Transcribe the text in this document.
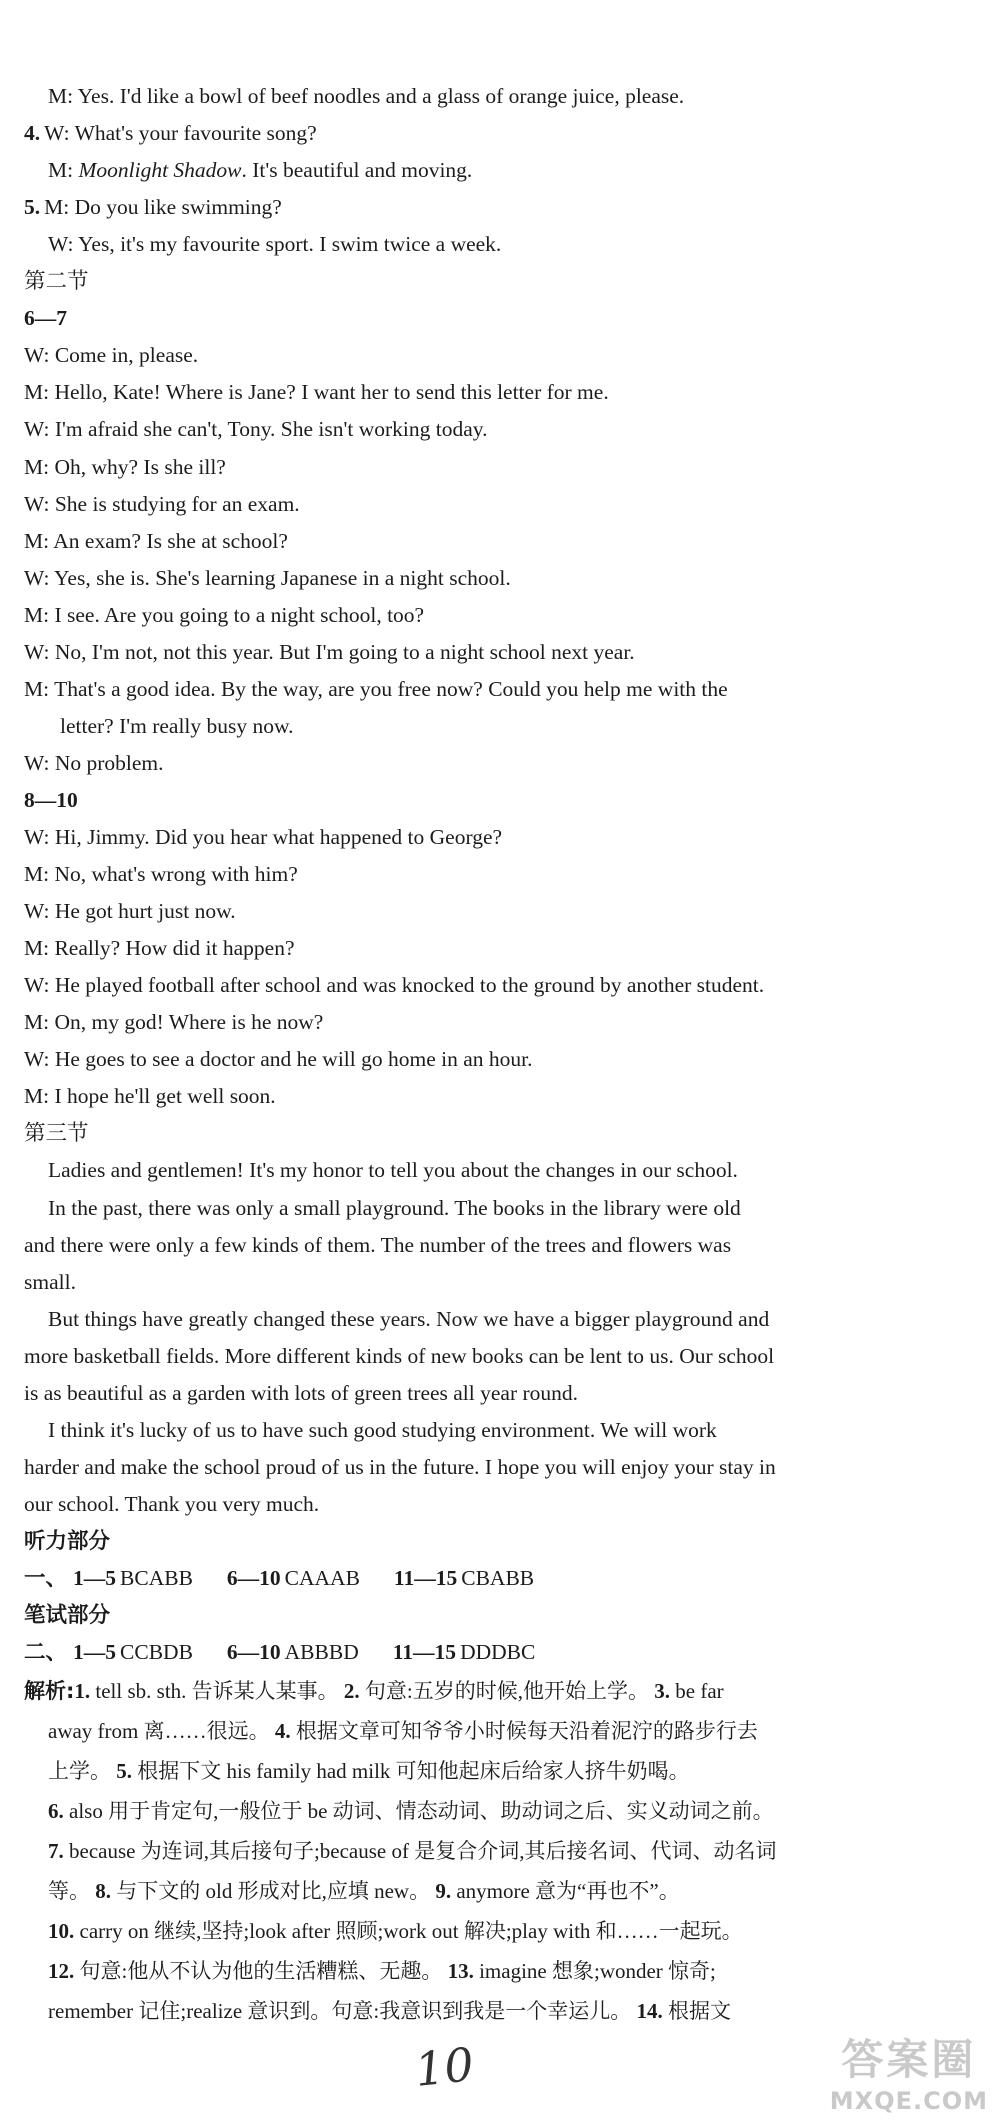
M: Yes. I'd like a bowl of beef noodles and a glass of orange juice, please.
4. W: What's your favourite song?
M: Moonlight Shadow. It's beautiful and moving.
5. M: Do you like swimming?
W: Yes, it's my favourite sport. I swim twice a week.
第二节
6—7
W: Come in, please.
M: Hello, Kate! Where is Jane? I want her to send this letter for me.
W: I'm afraid she can't, Tony. She isn't working today.
M: Oh, why? Is she ill?
W: She is studying for an exam.
M: An exam? Is she at school?
W: Yes, she is. She's learning Japanese in a night school.
M: I see. Are you going to a night school, too?
W: No, I'm not, not this year. But I'm going to a night school next year.
M: That's a good idea. By the way, are you free now? Could you help me with the
letter? I'm really busy now.
W: No problem.
8—10
W: Hi, Jimmy. Did you hear what happened to George?
M: No, what's wrong with him?
W: He got hurt just now.
M: Really? How did it happen?
W: He played football after school and was knocked to the ground by another student.
M: On, my god! Where is he now?
W: He goes to see a doctor and he will go home in an hour.
M: I hope he'll get well soon.
第三节
Ladies and gentlemen! It's my honor to tell you about the changes in our school.
In the past, there was only a small playground. The books in the library were old
and there were only a few kinds of them. The number of the trees and flowers was
small.
But things have greatly changed these years. Now we have a bigger playground and
more basketball fields. More different kinds of new books can be lent to us. Our school
is as beautiful as a garden with lots of green trees all year round.
I think it's lucky of us to have such good studying environment. We will work
harder and make the school proud of us in the future. I hope you will enjoy your stay in
our school. Thank you very much.
听力部分
一、 1—5 BCABB 6—10 CAAAB 11—15 CBABB
笔试部分
二、 1—5 CCBDB 6—10 ABBBD 11—15 DDDBC
解析:1. tell sb. sth. 告诉某人某事。 2. 句意:五岁的时候,他开始上学。 3. be far
away from 离……很远。 4. 根据文章可知爷爷小时候每天沿着泥泞的路步行去
上学。 5. 根据下文 his family had milk 可知他起床后给家人挤牛奶喝。
6. also 用于肯定句,一般位于 be 动词、情态动词、助动词之后、实义动词之前。
7. because 为连词,其后接句子;because of 是复合介词,其后接名词、代词、动名词
等。 8. 与下文的 old 形成对比,应填 new。 9. anymore 意为“再也不”。
10. carry on 继续,坚持;look after 照顾;work out 解决;play with 和……一起玩。
12. 句意:他从不认为他的生活糟糕、无趣。 13. imagine 想象;wonder 惊奇;
remember 记住;realize 意识到。句意:我意识到我是一个幸运儿。 14. 根据文
10	答案圈
MXQE.COM
